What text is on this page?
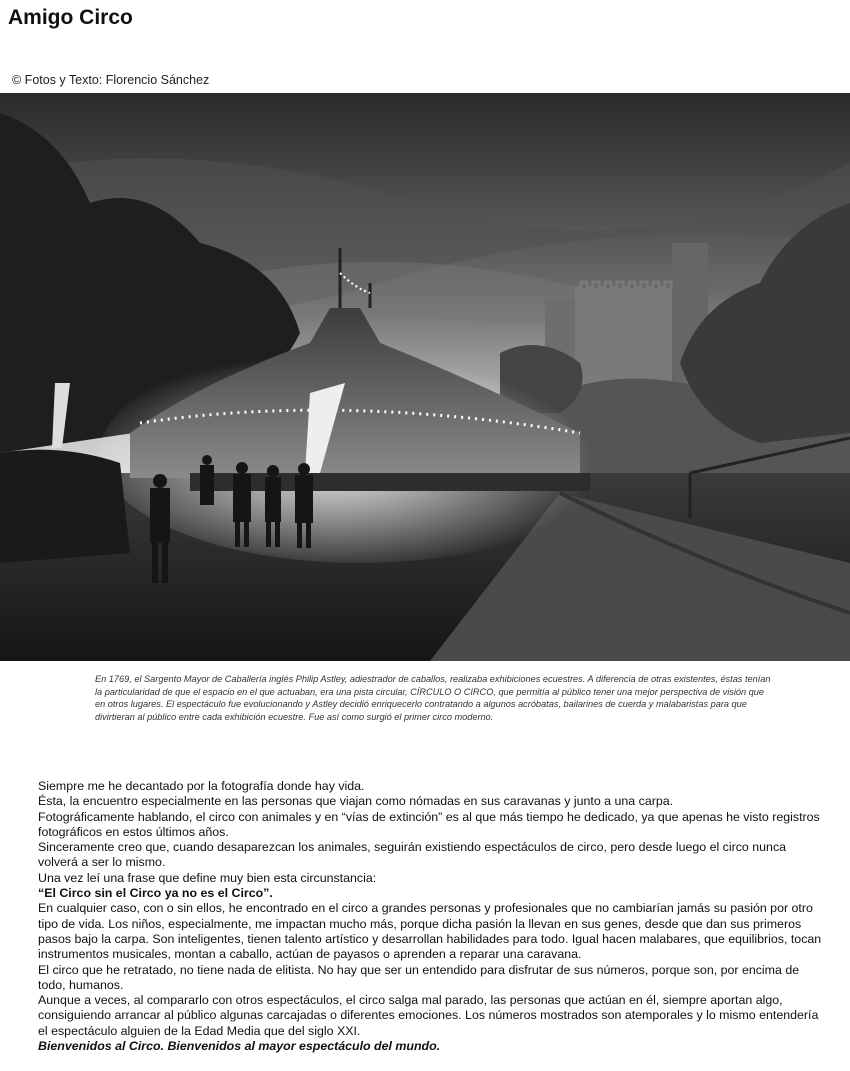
Amigo Circo
© Fotos y Texto: Florencio Sánchez

En 1769, el Sargento Mayor de Caballería inglés Philip Astley, adiestrador de caballos, realizaba exhibiciones ecuestres. A diferencia de otras existentes, éstas tenían la particularidad de que el espacio en el que actuaban, era una pista circular, CÍRCULO O CIRCO, que permitía al público tener una mejor perspectiva de visión que en otros lugares. El espectáculo fue evolucionando y Astley decidió enriquecerlo contratando a algunos acróbatas, bailarines de cuerda y malabaristas para que divirtieran al público entre cada exhibición ecuestre. Fue así como surgió el primer circo moderno.

Siempre me he decantado por la fotografía donde hay vida.

Ésta, la encuentro especialmente en las personas que viajan como nómadas en sus caravanas y junto a una carpa.

Fotográficamente hablando, el circo con animales y en “vías de extinción” es al que más tiempo he dedicado, ya que apenas he visto registros fotográficos en estos últimos años.

Sinceramente creo que, cuando desaparezcan los animales, seguirán existiendo espectáculos de circo, pero desde luego el circo nunca volverá a ser lo mismo.

Una vez leí una frase que define muy bien esta circunstancia:

“El Circo sin el Circo ya no es el Circo”.

En cualquier caso, con o sin ellos, he encontrado en el circo a grandes personas y profesionales que no cambiarían jamás su pasión por otro tipo de vida. Los niños, especialmente, me impactan mucho más, porque dicha pasión la llevan en sus genes, desde que dan sus primeros pasos bajo la carpa. Son inteligentes, tienen talento artístico y desarrollan habilidades para todo. Igual hacen malabares, que equilibrios, tocan instrumentos musicales, montan a caballo, actúan de payasos o aprenden a reparar una caravana.

El circo que he retratado, no tiene nada de elitista. No hay que ser un entendido para disfrutar de sus números, porque son, por encima de todo, humanos.

Aunque a veces, al compararlo con otros espectáculos, el circo salga mal parado, las personas que actúan en él, siempre aportan algo, consiguiendo arrancar al público algunas carcajadas o diferentes emociones. Los números mostrados son atemporales y lo mismo entendería el espectáculo alguien de la Edad Media que del siglo XXI.

Bienvenidos al Circo. Bienvenidos al mayor espectáculo del mundo.
